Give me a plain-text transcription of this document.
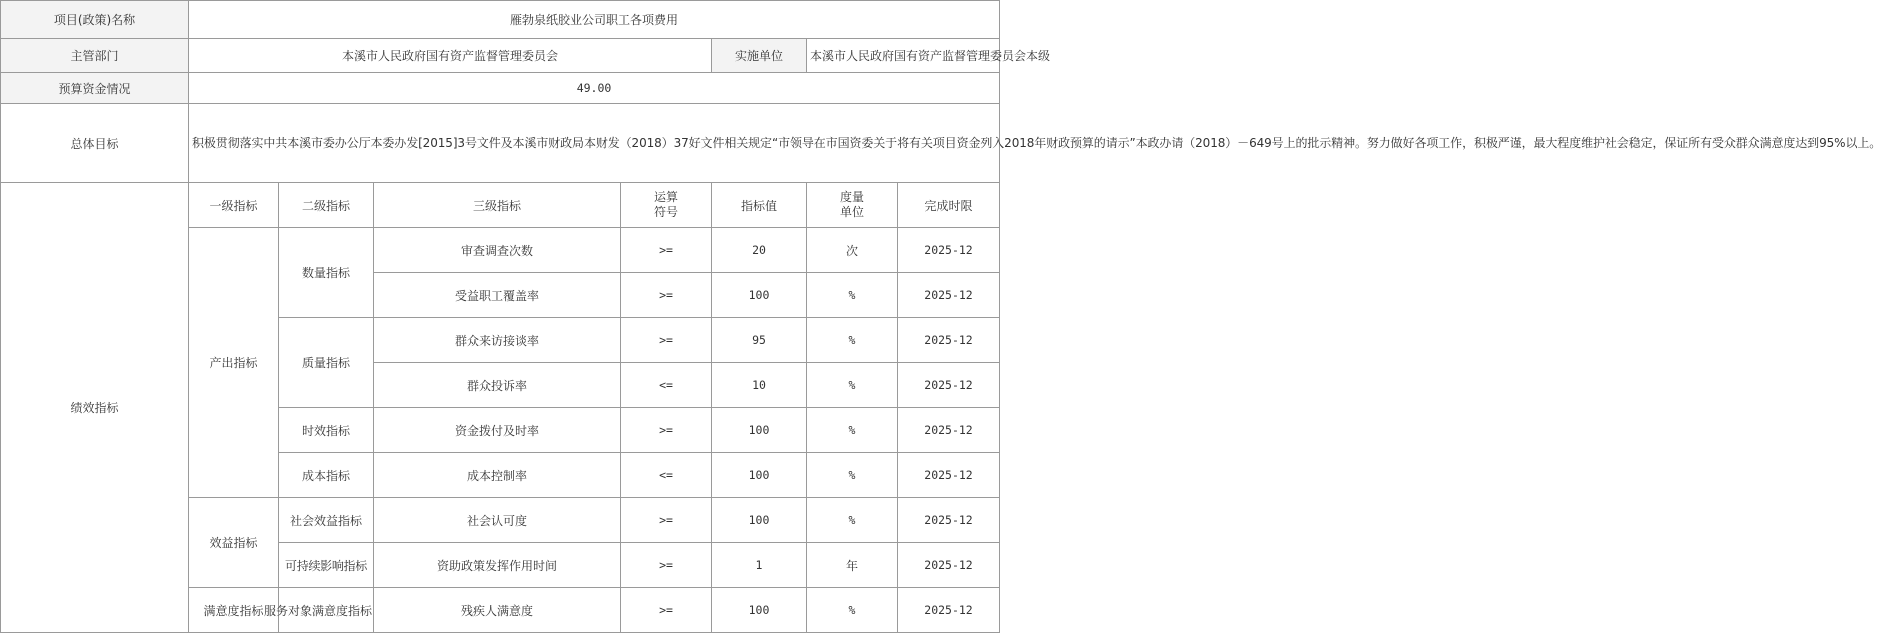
项目(政策)名称	雁勃泉纸胶业公司职工各项费用						
主管部门	本溪市人民政府国有资产监督管理委员会				实施单位	本溪市人民政府国有资产监督管理委员会本级	
预算资金情况	49.00						
总体目标	积极贯彻落实中共本溪市委办公厅本委办发[2015]3号文件及本溪市财政局本财发（2018）37好文件相关规定“市领导在市国资委关于将有关项目资金列入2018年财政预算的请示”本政办请（2018）－649号上的批示精神。努力做好各项工作，积极严谨，最大程度维护社会稳定，保证所有受众群众满意度达到95%以上。						
绩效指标	一级指标	二级指标	三级指标	运算符号	指标值	度量单位	完成时限
	产出指标	数量指标	审查调查次数	>=	20	次	2025-12
			受益职工覆盖率	>=	100	%	2025-12
		质量指标	群众来访接谈率	>=	95	%	2025-12
			群众投诉率	<=	10	%	2025-12
		时效指标	资金拨付及时率	>=	100	%	2025-12
		成本指标	成本控制率	<=	100	%	2025-12
	效益指标	社会效益指标	社会认可度	>=	100	%	2025-12
		可持续影响指标	资助政策发挥作用时间	>=	1	年	2025-12
	满意度指标	服务对象满意度指标	残疾人满意度	>=	100	%	2025-12
